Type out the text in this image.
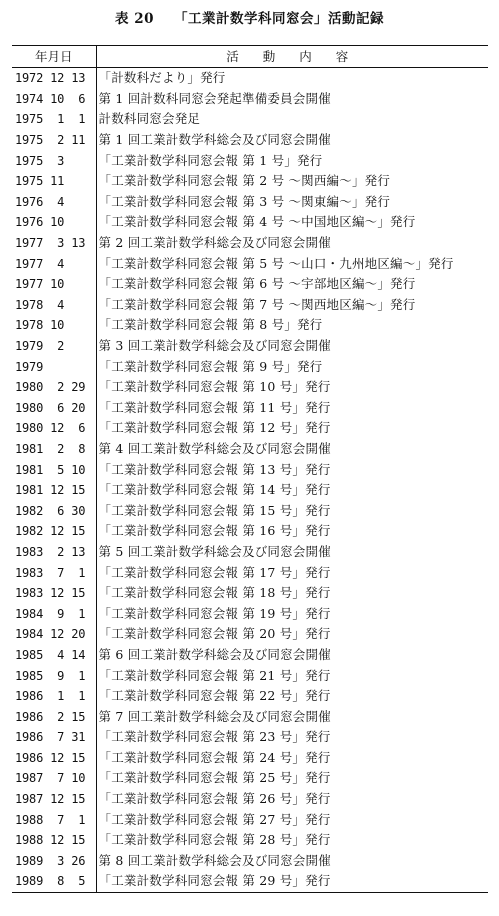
表 20 「工業計数学科同窓会」活動記録
年月日	活 動 内 容
1972 12 13	「計数科だより」発行
1974 10  6	第 1 回計数科同窓会発起準備委員会開催
1975  1  1	計数科同窓会発足
1975  2 11	第 1 回工業計数学科総会及び同窓会開催
1975  3	「工業計数学科同窓会報 第 1 号」発行
1975 11	「工業計数学科同窓会報 第 2 号 ～関西編～」発行
1976  4	「工業計数学科同窓会報 第 3 号 ～関東編～」発行
1976 10	「工業計数学科同窓会報 第 4 号 ～中国地区編～」発行
1977  3 13	第 2 回工業計数学科総会及び同窓会開催
1977  4	「工業計数学科同窓会報 第 5 号 ～山口・九州地区編～」発行
1977 10	「工業計数学科同窓会報 第 6 号 ～宇部地区編～」発行
1978  4	「工業計数学科同窓会報 第 7 号 ～関西地区編～」発行
1978 10	「工業計数学科同窓会報 第 8 号」発行
1979  2	第 3 回工業計数学科総会及び同窓会開催
1979	「工業計数学科同窓会報 第 9 号」発行
1980  2 29	「工業計数学科同窓会報 第 10 号」発行
1980  6 20	「工業計数学科同窓会報 第 11 号」発行
1980 12  6	「工業計数学科同窓会報 第 12 号」発行
1981  2  8	第 4 回工業計数学科総会及び同窓会開催
1981  5 10	「工業計数学科同窓会報 第 13 号」発行
1981 12 15	「工業計数学科同窓会報 第 14 号」発行
1982  6 30	「工業計数学科同窓会報 第 15 号」発行
1982 12 15	「工業計数学科同窓会報 第 16 号」発行
1983  2 13	第 5 回工業計数学科総会及び同窓会開催
1983  7  1	「工業計数学科同窓会報 第 17 号」発行
1983 12 15	「工業計数学科同窓会報 第 18 号」発行
1984  9  1	「工業計数学科同窓会報 第 19 号」発行
1984 12 20	「工業計数学科同窓会報 第 20 号」発行
1985  4 14	第 6 回工業計数学科総会及び同窓会開催
1985  9  1	「工業計数学科同窓会報 第 21 号」発行
1986  1  1	「工業計数学科同窓会報 第 22 号」発行
1986  2 15	第 7 回工業計数学科総会及び同窓会開催
1986  7 31	「工業計数学科同窓会報 第 23 号」発行
1986 12 15	「工業計数学科同窓会報 第 24 号」発行
1987  7 10	「工業計数学科同窓会報 第 25 号」発行
1987 12 15	「工業計数学科同窓会報 第 26 号」発行
1988  7  1	「工業計数学科同窓会報 第 27 号」発行
1988 12 15	「工業計数学科同窓会報 第 28 号」発行
1989  3 26	第 8 回工業計数学科総会及び同窓会開催
1989  8  5	「工業計数学科同窓会報 第 29 号」発行
